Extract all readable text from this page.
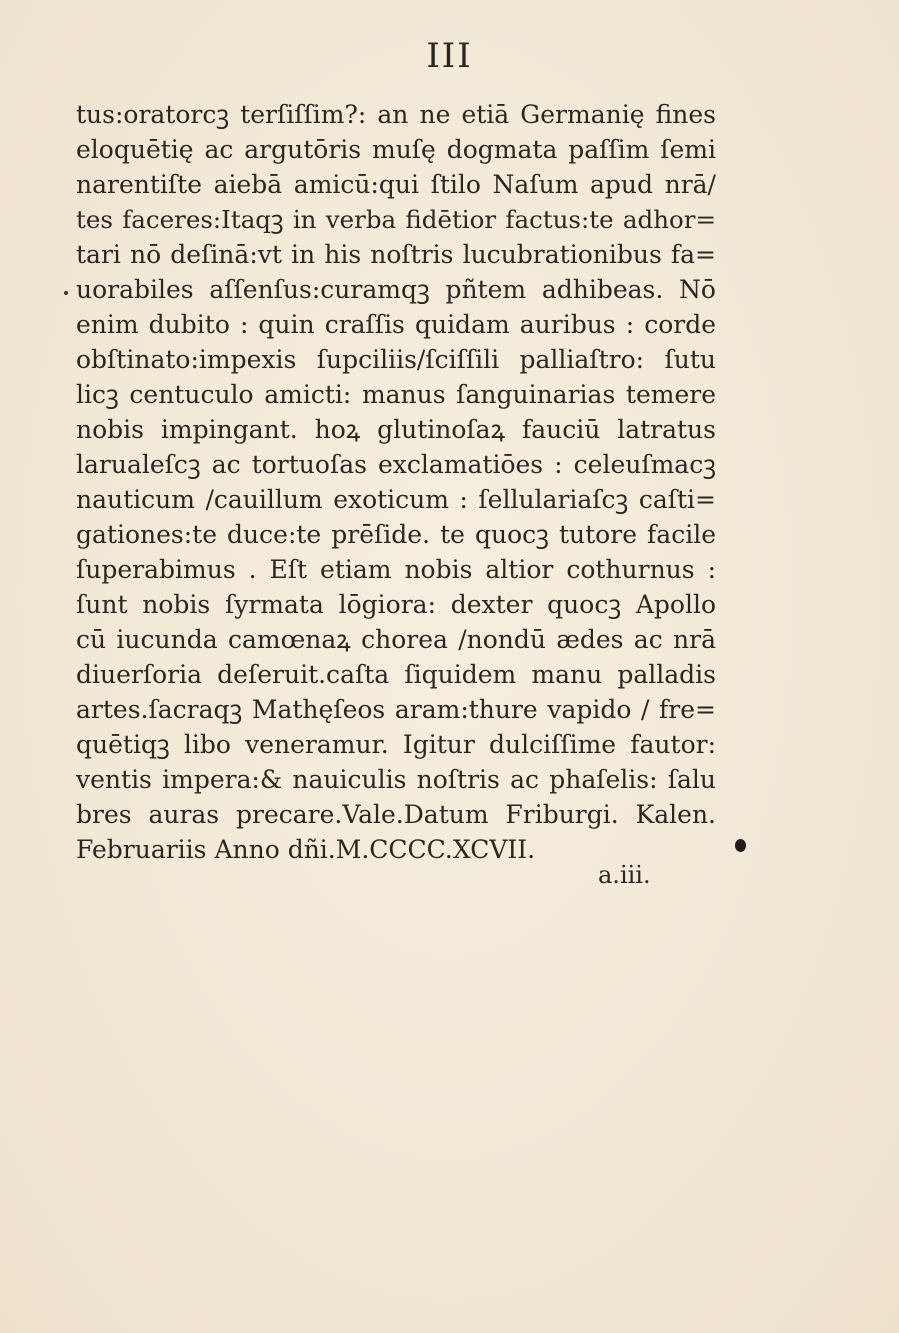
III
tus:oratorcꝫ terſiſſim?: an ne etiā Germanię fines
eloquētię ac argutōris muſę dogmata paſſim ſemi
narentiſte aiebā amicū:qui ſtilo Naſum apud nrā/
tes faceres:Itaqꝫ in verba fidētior factus:te adhor=
tari nō deſinā:vt in his noſtris lucubrationibus fa=
uorabiles aſſenſus:curamqꝫ pñtem adhibeas. Nō
enim dubito : quin craſſis quidam auribus : corde
obſtinato:impexis ſupciliis/ſciſſili palliaſtro: ſutu
licꝫ centuculo amicti: manus ſanguinarias temere
nobis impingant. hoꝝ glutinoſaꝝ fauciū latratus
larualeſcꝫ ac tortuoſas exclamatiōes : celeuſmacꝫ
nauticum /cauillum exoticum : ſellulariaſcꝫ caſti=
gationes:te duce:te prēſide. te quocꝫ tutore facile
ſuperabimus . Eſt etiam nobis altior cothurnus :
ſunt nobis ſyrmata lōgiora: dexter quocꝫ Apollo
cū iucunda camœnaꝝ chorea /nondū ædes ac nrā
diuerſoria deſeruit.caſta ſiquidem manu palladis
artes.ſacraqꝫ Mathęſeos aram:thure vapido / fre=
quētiqꝫ libo veneramur. Igitur dulciſſime fautor:
ventis impera:& nauiculis noſtris ac phaſelis: ſalu
bres auras precare.Vale.Datum Friburgi. Kalen.
Februariis Anno dñi.M.CCCC.XCVII.
a.iii.
